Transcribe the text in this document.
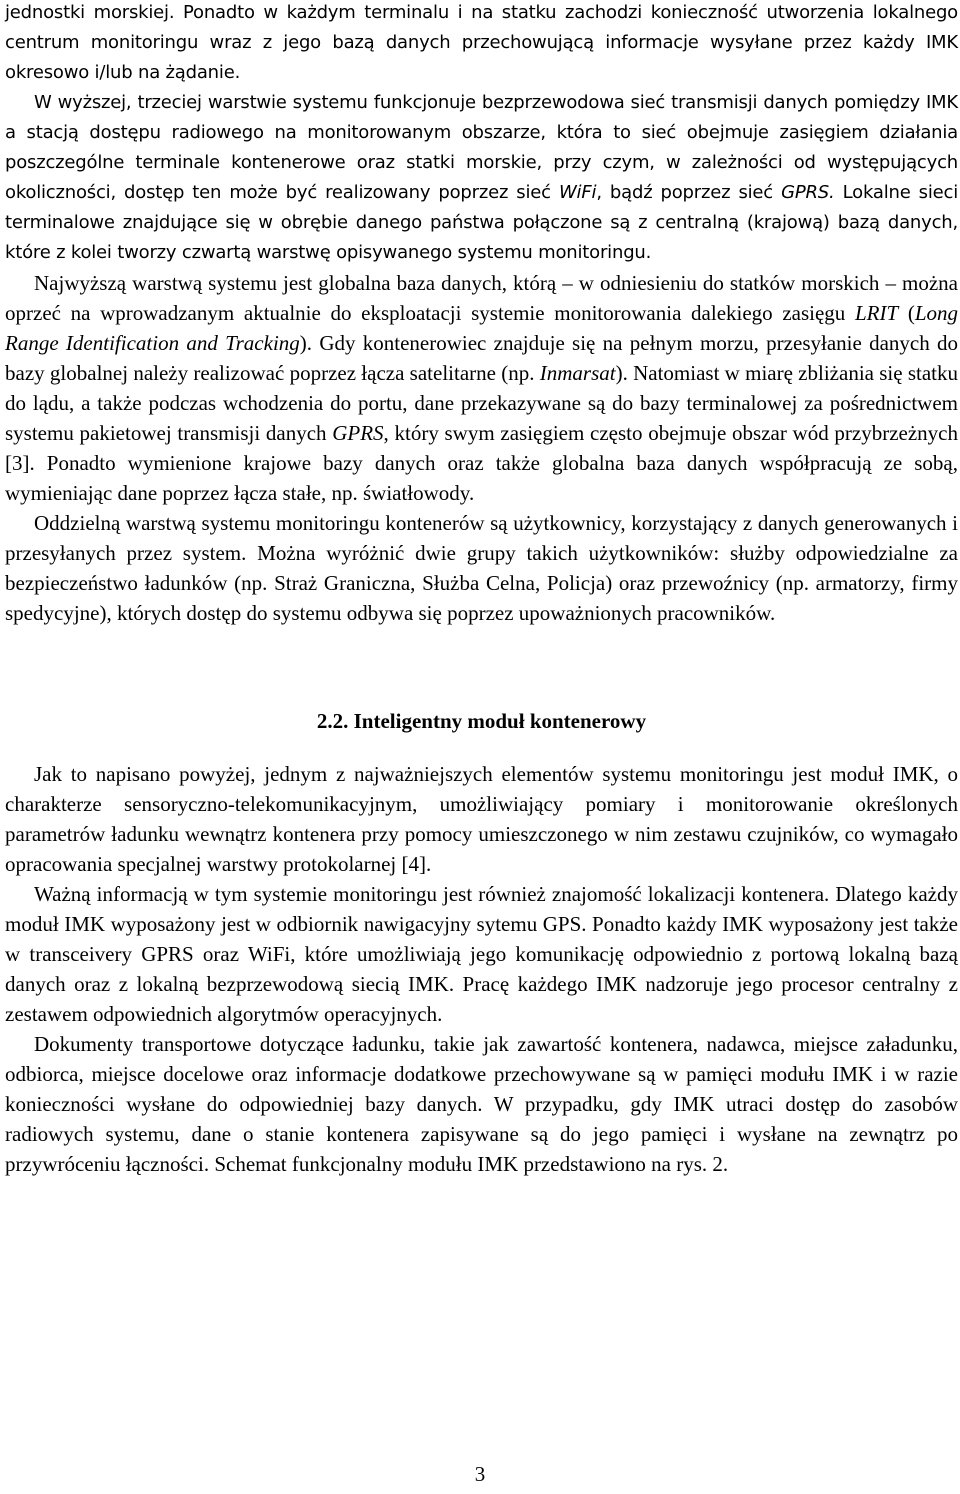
jednostki morskiej. Ponadto w każdym terminalu i na statku zachodzi konieczność utworzenia lokalnego centrum monitoringu wraz z jego bazą danych przechowującą informacje wysyłane przez każdy IMK okresowo i/lub na żądanie.

W wyższej, trzeciej warstwie systemu funkcjonuje bezprzewodowa sieć transmisji danych pomiędzy IMK a stacją dostępu radiowego na monitorowanym obszarze, która to sieć obejmuje zasięgiem działania poszczególne terminale kontenerowe oraz statki morskie, przy czym, w zależności od występujących okoliczności, dostęp ten może być realizowany poprzez sieć WiFi, bądź poprzez sieć GPRS. Lokalne sieci terminalowe znajdujące się w obrębie danego państwa połączone są z centralną (krajową) bazą danych, które z kolei tworzy czwartą warstwę opisywanego systemu monitoringu.

Najwyższą warstwą systemu jest globalna baza danych, którą – w odniesieniu do statków morskich – można oprzeć na wprowadzanym aktualnie do eksploatacji systemie monitorowania dalekiego zasięgu LRIT (Long Range Identification and Tracking). Gdy kontenerowiec znajduje się na pełnym morzu, przesyłanie danych do bazy globalnej należy realizować poprzez łącza satelitarne (np. Inmarsat). Natomiast w miarę zbliżania się statku do lądu, a także podczas wchodzenia do portu, dane przekazywane są do bazy terminalowej za pośrednictwem systemu pakietowej transmisji danych GPRS, który swym zasięgiem często obejmuje obszar wód przybrzeżnych [3]. Ponadto wymienione krajowe bazy danych oraz także globalna baza danych współpracują ze sobą, wymieniając dane poprzez łącza stałe, np. światłowody.

Oddzielną warstwą systemu monitoringu kontenerów są użytkownicy, korzystający z danych generowanych i przesyłanych przez system. Można wyróżnić dwie grupy takich użytkowników: służby odpowiedzialne za bezpieczeństwo ładunków (np. Straż Graniczna, Służba Celna, Policja) oraz przewoźnicy (np. armatorzy, firmy spedycyjne), których dostęp do systemu odbywa się poprzez upoważnionych pracowników.

2.2. Inteligentny moduł kontenerowy

Jak to napisano powyżej, jednym z najważniejszych elementów systemu monitoringu jest moduł IMK, o charakterze sensoryczno-telekomunikacyjnym, umożliwiający pomiary i monitorowanie określonych parametrów ładunku wewnątrz kontenera przy pomocy umieszczonego w nim zestawu czujników, co wymagało opracowania specjalnej warstwy protokolarnej [4].

Ważną informacją w tym systemie monitoringu jest również znajomość lokalizacji kontenera. Dlatego każdy moduł IMK wyposażony jest w odbiornik nawigacyjny sytemu GPS. Ponadto każdy IMK wyposażony jest także w transceivery GPRS oraz WiFi, które umożliwiają jego komunikację odpowiednio z portową lokalną bazą danych oraz z lokalną bezprzewodową siecią IMK. Pracę każdego IMK nadzoruje jego procesor centralny z zestawem odpowiednich algorytmów operacyjnych.

Dokumenty transportowe dotyczące ładunku, takie jak zawartość kontenera, nadawca, miejsce załadunku, odbiorca, miejsce docelowe oraz informacje dodatkowe przechowywane są w pamięci modułu IMK i w razie konieczności wysłane do odpowiedniej bazy danych. W przypadku, gdy IMK utraci dostęp do zasobów radiowych systemu, dane o stanie kontenera zapisywane są do jego pamięci i wysłane na zewnątrz po przywróceniu łączności. Schemat funkcjonalny modułu IMK przedstawiono na rys. 2.

3
